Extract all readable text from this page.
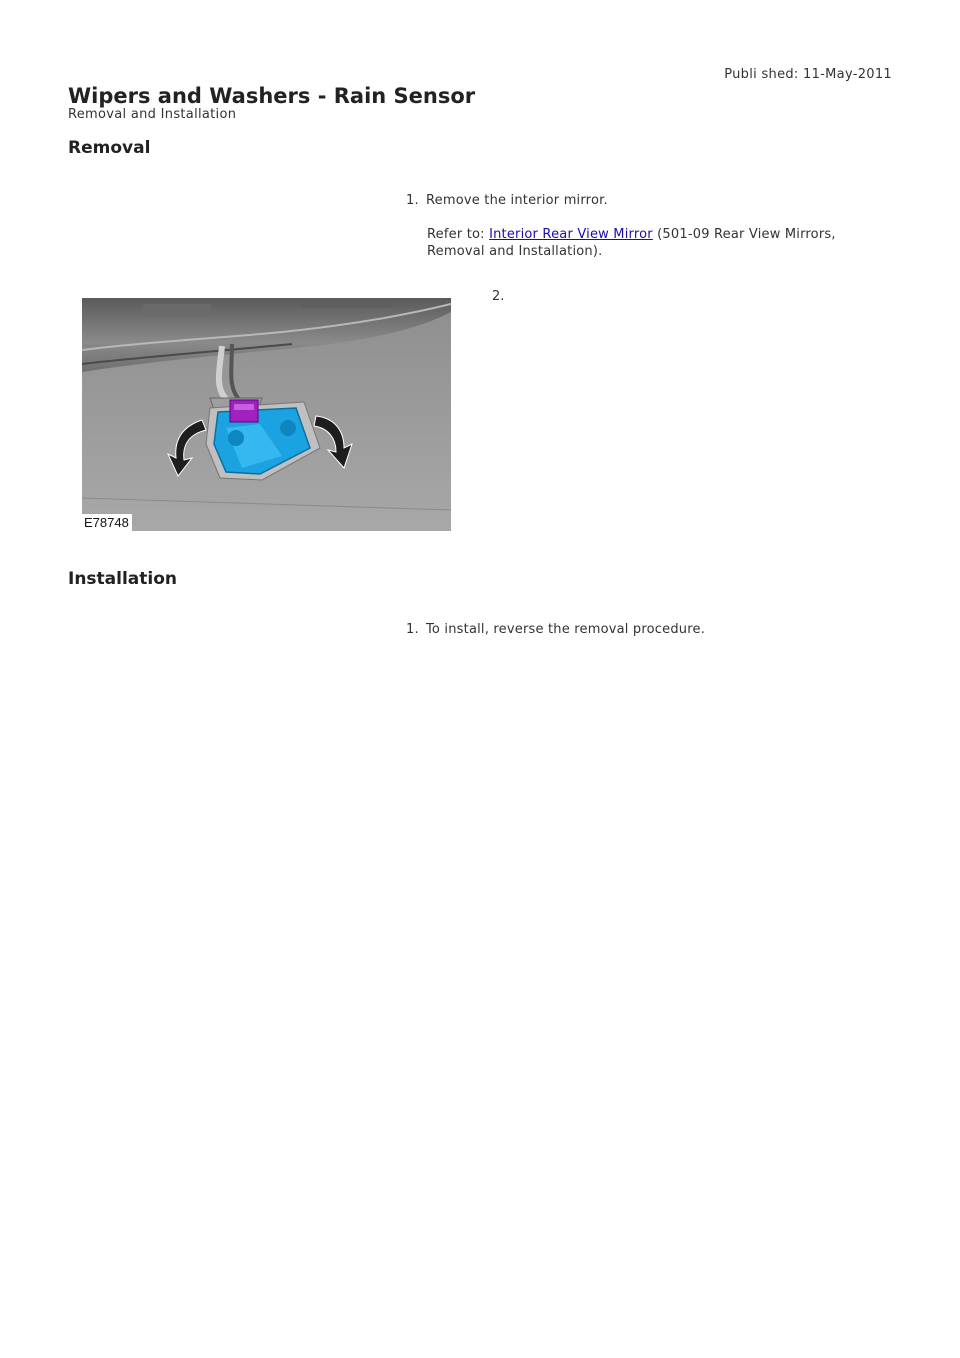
Publi shed: 11-May-2011
Wipers and Washers - Rain Sensor
Removal and Installation
Removal
1. Remove the interior mirror.
Refer to: Interior Rear View Mirror (501-09 Rear View Mirrors, Removal and Installation).
2.
E78748
Installation
1. To install, reverse the removal procedure.
